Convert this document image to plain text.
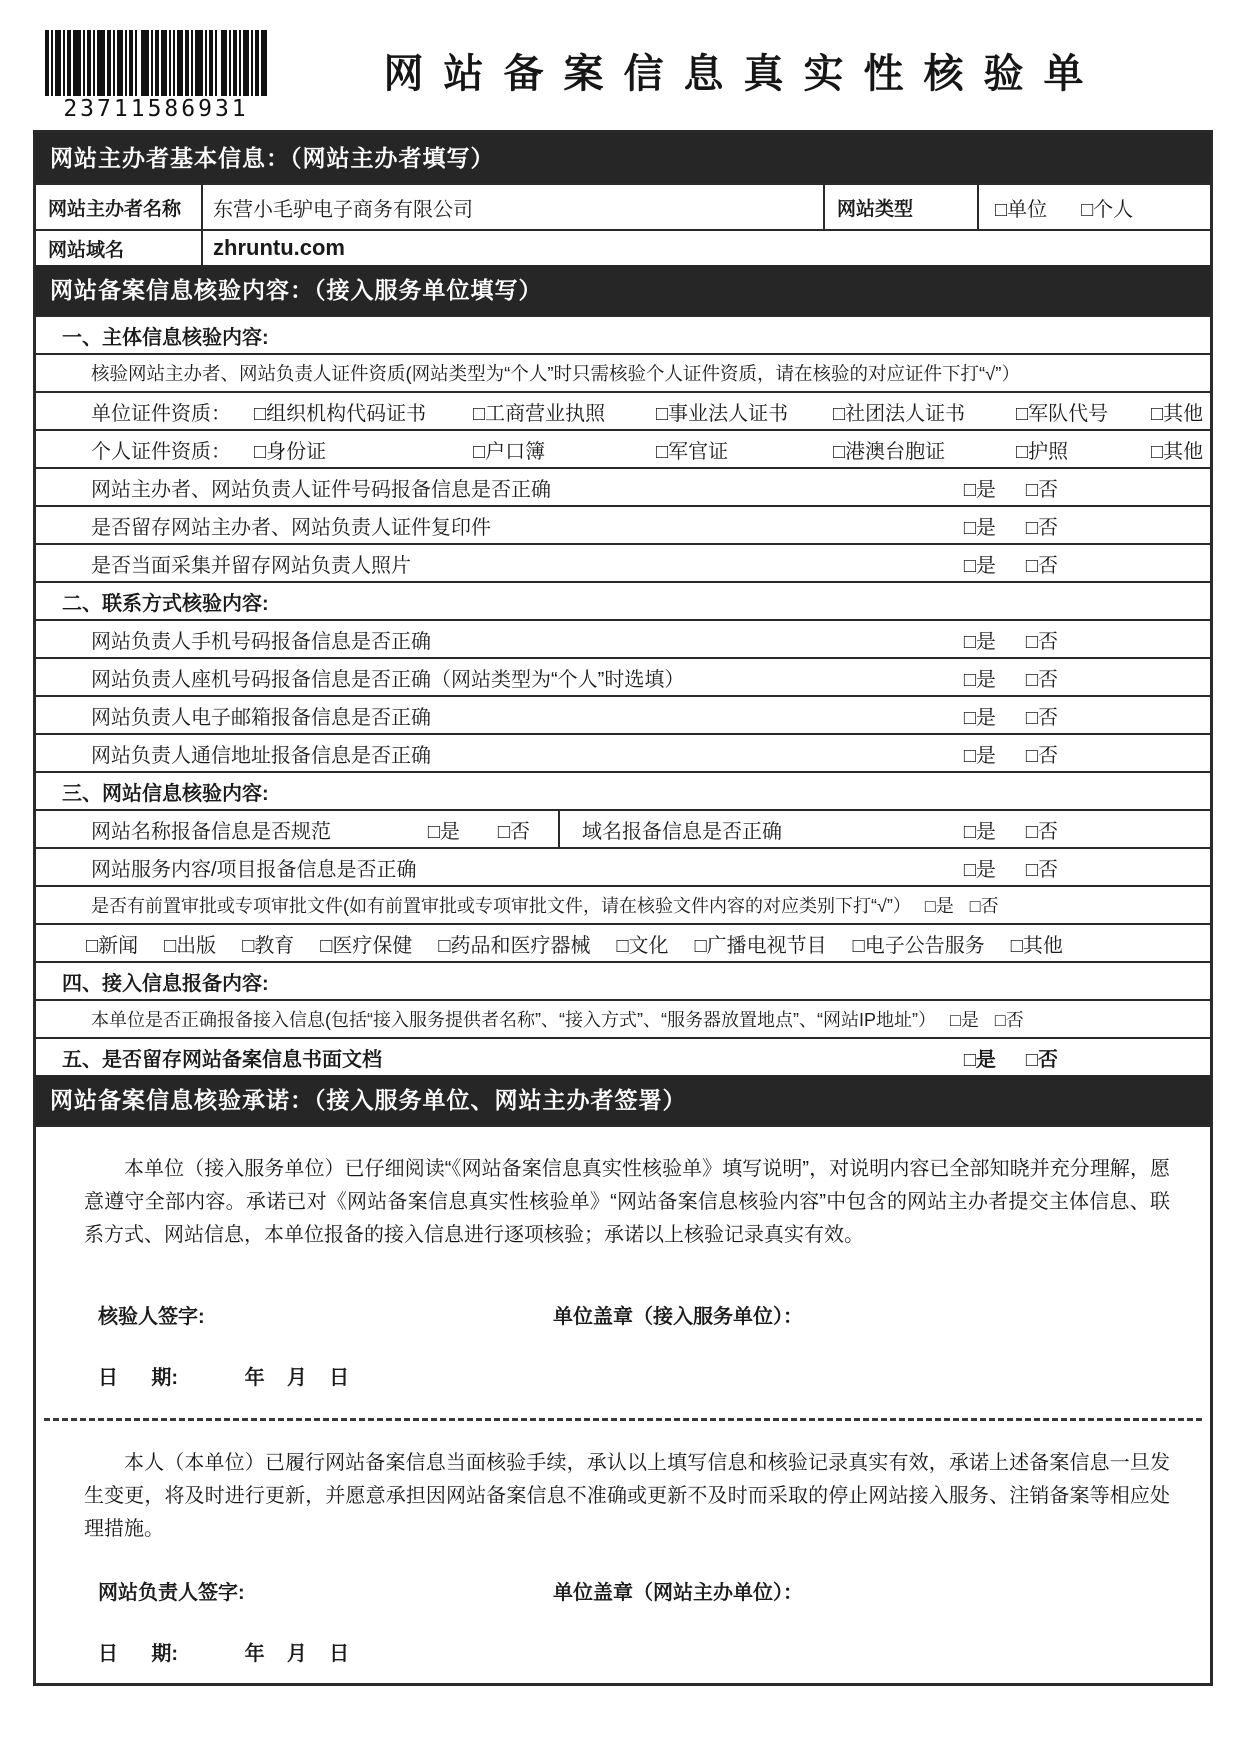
23711586931
网站备案信息真实性核验单
网站主办者基本信息：（网站主办者填写）
网站主办者名称	东营小毛驴电子商务有限公司	网站类型	□单位 □个人
网站域名	zhruntu.com
网站备案信息核验内容：（接入服务单位填写）
一、主体信息核验内容:
核验网站主办者、网站负责人证件资质(网站类型为“个人”时只需核验个人证件资质，请在核验的对应证件下打“√”）
单位证件资质：	□组织机构代码证书	□工商营业执照	□事业法人证书	□社团法人证书	□军队代号	□其他
个人证件资质：	□身份证	□户口簿	□军官证	□港澳台胞证	□护照	□其他
网站主办者、网站负责人证件号码报备信息是否正确	□是 □否
是否留存网站主办者、网站负责人证件复印件	□是 □否
是否当面采集并留存网站负责人照片	□是 □否
二、联系方式核验内容:
网站负责人手机号码报备信息是否正确	□是 □否
网站负责人座机号码报备信息是否正确（网站类型为“个人”时选填）	□是 □否
网站负责人电子邮箱报备信息是否正确	□是 □否
网站负责人通信地址报备信息是否正确	□是 □否
三、网站信息核验内容:
网站名称报备信息是否规范	□是 □否	域名报备信息是否正确	□是 □否
网站服务内容/项目报备信息是否正确	□是 □否
是否有前置审批或专项审批文件(如有前置审批或专项审批文件，请在核验文件内容的对应类别下打“√”） □是 □否
□新闻 □出版 □教育 □医疗保健 □药品和医疗器械 □文化 □广播电视节目 □电子公告服务 □其他
四、接入信息报备内容:
本单位是否正确报备接入信息(包括“接入服务提供者名称”、“接入方式”、“服务器放置地点”、“网站IP地址”） □是 □否
五、是否留存网站备案信息书面文档	□是 □否
网站备案信息核验承诺：（接入服务单位、网站主办者签署）

本单位（接入服务单位）已仔细阅读“《网站备案信息真实性核验单》填写说明”，对说明内容已全部知晓并充分理解，愿意遵守全部内容。承诺已对《网站备案信息真实性核验单》“网站备案信息核验内容”中包含的网站主办者提交主体信息、联系方式、网站信息，本单位报备的接入信息进行逐项核验；承诺以上核验记录真实有效。

核验人签字:	单位盖章（接入服务单位）：
日      期:            年    月    日

本人（本单位）已履行网站备案信息当面核验手续，承认以上填写信息和核验记录真实有效，承诺上述备案信息一旦发生变更，将及时进行更新，并愿意承担因网站备案信息不准确或更新不及时而采取的停止网站接入服务、注销备案等相应处理措施。

网站负责人签字:	单位盖章（网站主办单位）：
日      期:            年    月    日
